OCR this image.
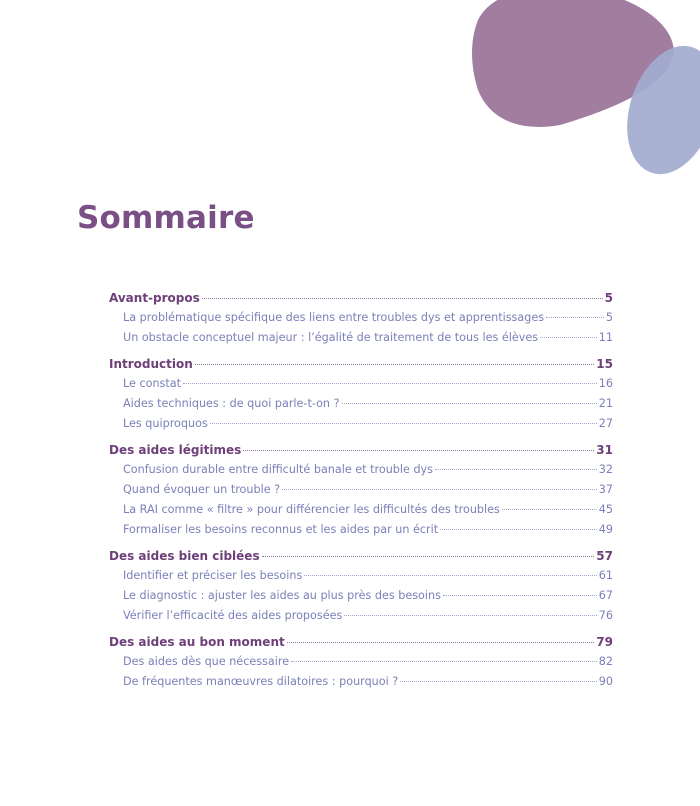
Sommaire
Avant-propos	5
La problématique spécifique des liens entre troubles dys et apprentissages	5
Un obstacle conceptuel majeur : l’égalité de traitement de tous les élèves	11
Introduction	15
Le constat	16
Aides techniques : de quoi parle-t-on ?	21
Les quiproquos	27
Des aides légitimes	31
Confusion durable entre difficulté banale et trouble dys	32
Quand évoquer un trouble ?	37
La RAI comme « filtre » pour différencier les difficultés des troubles	45
Formaliser les besoins reconnus et les aides par un écrit	49
Des aides bien ciblées	57
Identifier et préciser les besoins	61
Le diagnostic : ajuster les aides au plus près des besoins	67
Vérifier l’efficacité des aides proposées	76
Des aides au bon moment	79
Des aides dès que nécessaire	82
De fréquentes manœuvres dilatoires : pourquoi ?	90
